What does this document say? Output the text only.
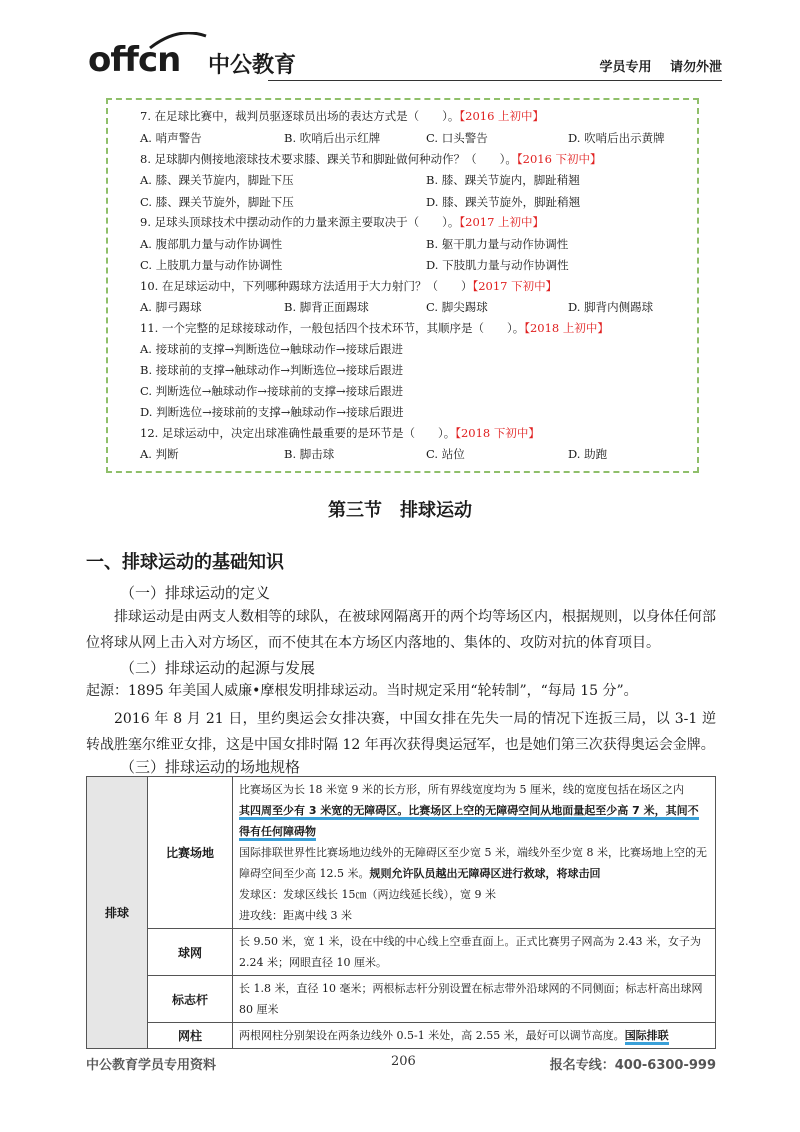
offcn 中公教育	学员专用 请勿外泄
7. 在足球比赛中，裁判员驱逐球员出场的表达方式是（　　）。【2016 上初中】
A. 哨声警告	B. 吹哨后出示红牌	C. 口头警告	D. 吹哨后出示黄牌
8. 足球脚内侧接地滚球技术要求膝、踝关节和脚趾做何种动作？（　　）。【2016 下初中】
A. 膝、踝关节旋内，脚趾下压	B. 膝、踝关节旋内，脚趾稍翘
C. 膝、踝关节旋外，脚趾下压	D. 膝、踝关节旋外，脚趾稍翘
9. 足球头顶球技术中摆动动作的力量来源主要取决于（　　）。【2017 上初中】
A. 腹部肌力量与动作协调性	B. 躯干肌力量与动作协调性
C. 上肢肌力量与动作协调性	D. 下肢肌力量与动作协调性
10. 在足球运动中，下列哪种踢球方法适用于大力射门？（　　）【2017 下初中】
A. 脚弓踢球	B. 脚背正面踢球	C. 脚尖踢球	D. 脚背内侧踢球
11. 一个完整的足球接球动作，一般包括四个技术环节，其顺序是（　　）。【2018 上初中】
A. 接球前的支撑→判断选位→触球动作→接球后跟进
B. 接球前的支撑→触球动作→判断选位→接球后跟进
C. 判断选位→触球动作→接球前的支撑→接球后跟进
D. 判断选位→接球前的支撑→触球动作→接球后跟进
12. 足球运动中，决定出球准确性最重要的是环节是（　　）。【2018 下初中】
A. 判断	B. 脚击球	C. 站位	D. 助跑
第三节　排球运动
一、排球运动的基础知识
（一）排球运动的定义
排球运动是由两支人数相等的球队，在被球网隔离开的两个均等场区内，根据规则，以身体任何部位将球从网上击入对方场区，而不使其在本方场区内落地的、集体的、攻防对抗的体育项目。
（二）排球运动的起源与发展
起源：1895 年美国人威廉•摩根发明排球运动。当时规定采用“轮转制”，“每局 15 分”。
2016 年 8 月 21 日，里约奥运会女排决赛，中国女排在先失一局的情况下连扳三局，以 3-1 逆转战胜塞尔维亚女排，这是中国女排时隔 12 年再次获得奥运冠军，也是她们第三次获得奥运会金牌。
（三）排球运动的场地规格
排球	比赛场地	比赛场区为长 18 米宽 9 米的长方形，所有界线宽度均为 5 厘米，线的宽度包括在场区之内

其四周至少有 3 米宽的无障碍区。比赛场区上空的无障碍空间从地面量起至少高 7 米，其间不得有任何障碍物

国际排联世界性比赛场地边线外的无障碍区至少宽 5 米，端线外至少宽 8 米，比赛场地上空的无障碍空间至少高 12.5 米。规则允许队员越出无障碍区进行救球，将球击回

发球区：发球区线长 15㎝（两边线延长线），宽 9 米

进攻线：距离中线 3 米

	球网	长 9.50 米，宽 1 米，设在中线的中心线上空垂直面上。正式比赛男子网高为 2.43 米，女子为 2.24 米；网眼直径 10 厘米。
	标志杆	长 1.8 米，直径 10 毫米；两根标志杆分别设置在标志带外沿球网的不同侧面；标志杆高出球网 80 厘米
	网柱	两根网柱分别架设在两条边线外 0.5-1 米处，高 2.55 米，最好可以调节高度。国际排联
中公教育学员专用资料	206	报名专线：400-6300-999
